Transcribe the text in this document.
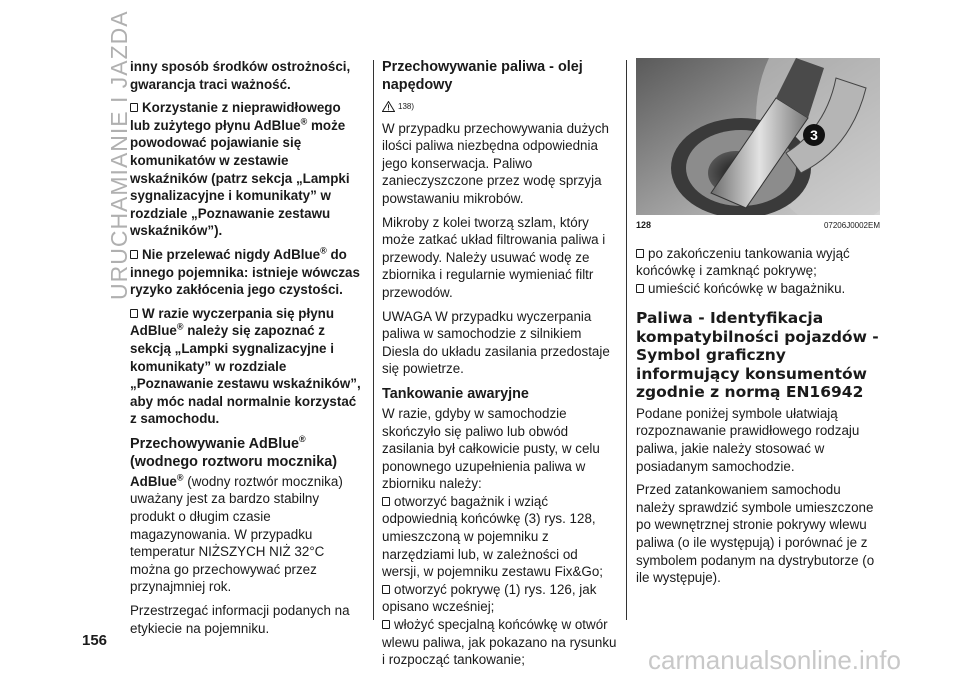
URUCHAMIANIE I JAZDA

inny sposób środków ostrożności, gwarancja traci ważność.

Korzystanie z nieprawidłowego lub zużytego płynu AdBlue® może powodować pojawianie się komunikatów w zestawie wskaźników (patrz sekcja „Lampki sygnalizacyjne i komunikaty” w rozdziale „Poznawanie zestawu wskaźników”).

Nie przelewać nigdy AdBlue® do innego pojemnika: istnieje wówczas ryzyko zakłócenia jego czystości.

W razie wyczerpania się płynu AdBlue® należy się zapoznać z sekcją „Lampki sygnalizacyjne i komunikaty” w rozdziale „Poznawanie zestawu wskaźników”, aby móc nadal normalnie korzystać z samochodu.

Przechowywanie AdBlue® (wodnego roztworu mocznika)

AdBlue® (wodny roztwór mocznika) uważany jest za bardzo stabilny produkt o długim czasie magazynowania. W przypadku temperatur NIŻSZYCH NIŻ 32°C można go przechowywać przez przynajmniej rok.

Przestrzegać informacji podanych na etykiecie na pojemniku.

Przechowywanie paliwa - olej napędowy
138)

W przypadku przechowywania dużych ilości paliwa niezbędna odpowiednia jego konserwacja. Paliwo zanieczyszczone przez wodę sprzyja powstawaniu mikrobów.

Mikroby z kolei tworzą szlam, który może zatkać układ filtrowania paliwa i przewody. Należy usuwać wodę ze zbiornika i regularnie wymieniać filtr przewodów.

UWAGA W przypadku wyczerpania paliwa w samochodzie z silnikiem Diesla do układu zasilania przedostaje się powietrze.

Tankowanie awaryjne

W razie, gdyby w samochodzie skończyło się paliwo lub obwód zasilania był całkowicie pusty, w celu ponownego uzupełnienia paliwa w zbiorniku należy:

otworzyć bagażnik i wziąć odpowiednią końcówkę (3) rys. 128, umieszczoną w pojemniku z narzędziami lub, w zależności od wersji, w pojemniku zestawu Fix&Go;
otworzyć pokrywę (1) rys. 126, jak opisano wcześniej;
włożyć specjalną końcówkę w otwór wlewu paliwa, jak pokazano na rysunku i rozpocząć tankowanie;
3
128	07206J0002EM
po zakończeniu tankowania wyjąć końcówkę i zamknąć pokrywę;
umieścić końcówkę w bagażniku.
Paliwa - Identyfikacja kompatybilności pojazdów - Symbol graficzny informujący konsumentów zgodnie z normą EN16942

Podane poniżej symbole ułatwiają rozpoznawanie prawidłowego rodzaju paliwa, jakie należy stosować w posiadanym samochodzie.

Przed zatankowaniem samochodu należy sprawdzić symbole umieszczone po wewnętrznej stronie pokrywy wlewu paliwa (o ile występują) i porównać je z symbolem podanym na dystrybutorze (o ile występuje).

156
carmanualsonline.info
